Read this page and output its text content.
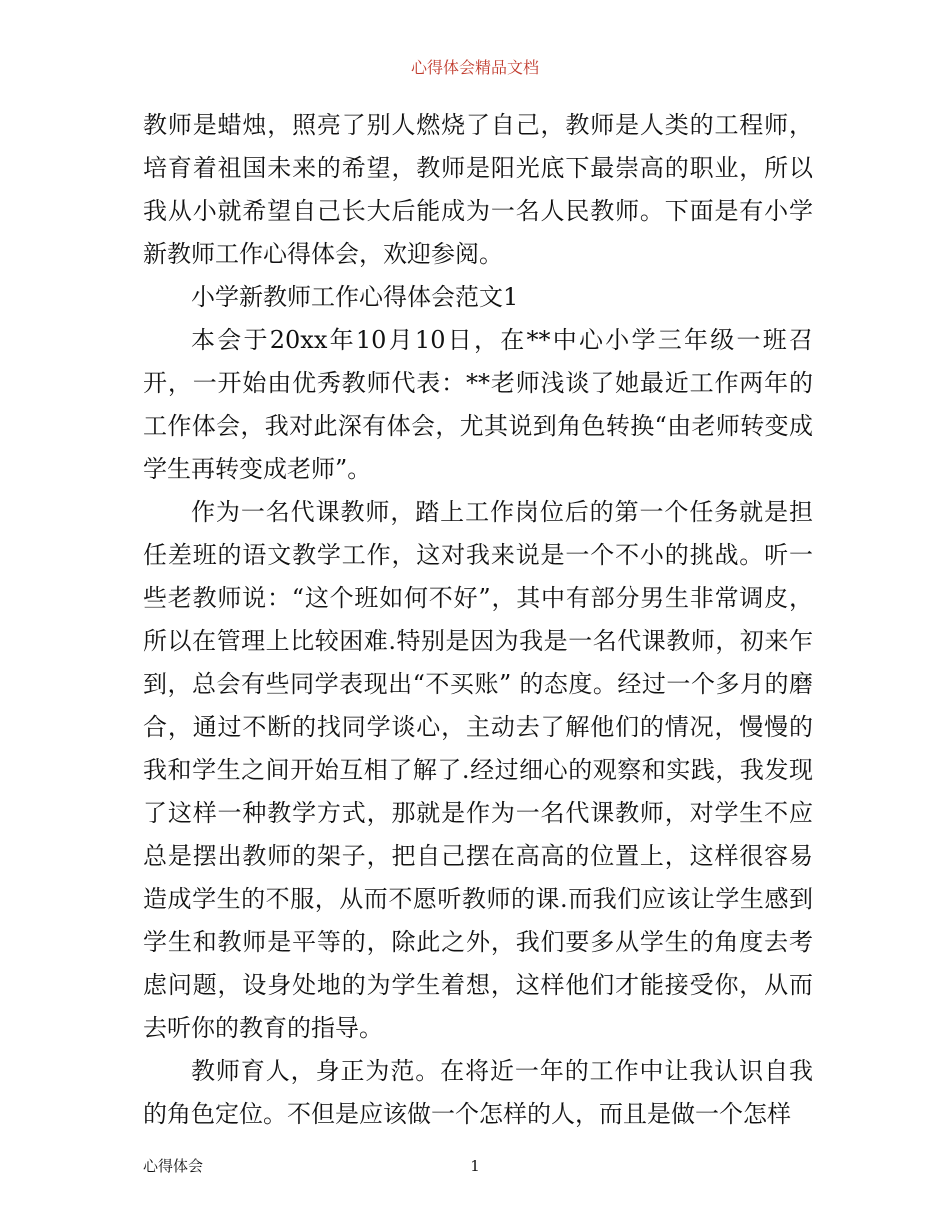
心得体会精品文档

教师是蜡烛，照亮了别人燃烧了自己，教师是人类的工程师，培育着祖国未来的希望，教师是阳光底下最崇高的职业，所以我从小就希望自己长大后能成为一名人民教师。下面是有小学新教师工作心得体会，欢迎参阅。

小学新教师工作心得体会范文1

本会于20xx年10月10日，在**中心小学三年级一班召开，一开始由优秀教师代表：**老师浅谈了她最近工作两年的工作体会，我对此深有体会，尤其说到角色转换“由老师转变成学生再转变成老师”。

作为一名代课教师，踏上工作岗位后的第一个任务就是担任差班的语文教学工作，这对我来说是一个不小的挑战。听一些老教师说：“这个班如何不好”，其中有部分男生非常调皮，所以在管理上比较困难.特别是因为我是一名代课教师，初来乍到，总会有些同学表现出“不买账” 的态度。经过一个多月的磨合，通过不断的找同学谈心，主动去了解他们的情况，慢慢的我和学生之间开始互相了解了.经过细心的观察和实践，我发现了这样一种教学方式，那就是作为一名代课教师，对学生不应总是摆出教师的架子，把自己摆在高高的位置上，这样很容易造成学生的不服，从而不愿听教师的课.而我们应该让学生感到学生和教师是平等的，除此之外，我们要多从学生的角度去考虑问题，设身处地的为学生着想，这样他们才能接受你，从而去听你的教育的指导。

教师育人，身正为范。在将近一年的工作中让我认识自我的角色定位。不但是应该做一个怎样的人，而且是做一个怎样

心得体会	1
